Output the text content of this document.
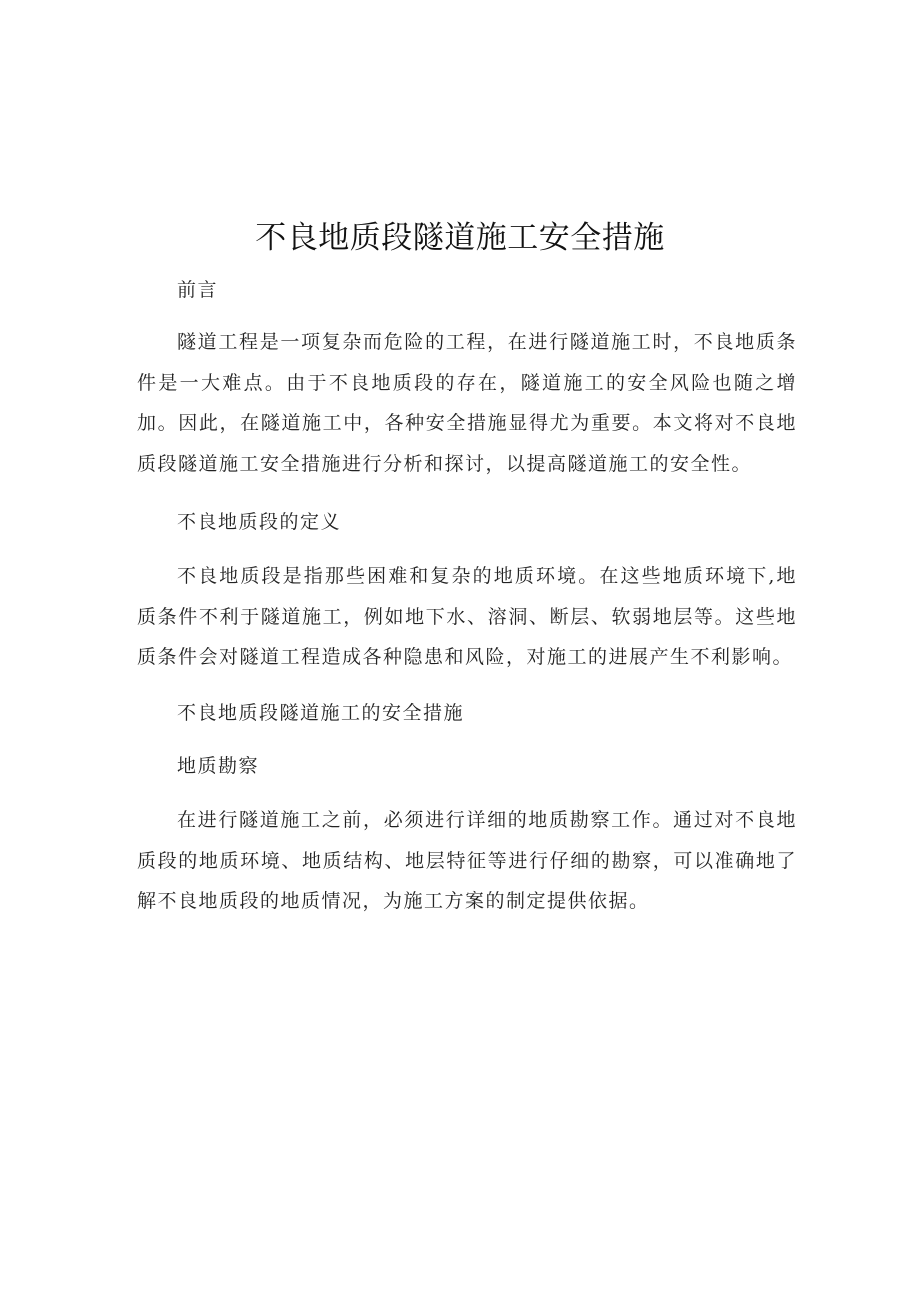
不良地质段隧道施工安全措施

前言

隧道工程是一项复杂而危险的工程，在进行隧道施工时，不良地质条件是一大难点。由于不良地质段的存在，隧道施工的安全风险也随之增加。因此，在隧道施工中，各种安全措施显得尤为重要。本文将对不良地质段隧道施工安全措施进行分析和探讨，以提高隧道施工的安全性。

不良地质段的定义

不良地质段是指那些困难和复杂的地质环境。在这些地质环境下,地质条件不利于隧道施工，例如地下水、溶洞、断层、软弱地层等。这些地质条件会对隧道工程造成各种隐患和风险，对施工的进展产生不利影响。

不良地质段隧道施工的安全措施

地质勘察

在进行隧道施工之前，必须进行详细的地质勘察工作。通过对不良地质段的地质环境、地质结构、地层特征等进行仔细的勘察，可以准确地了解不良地质段的地质情况，为施工方案的制定提供依据。
